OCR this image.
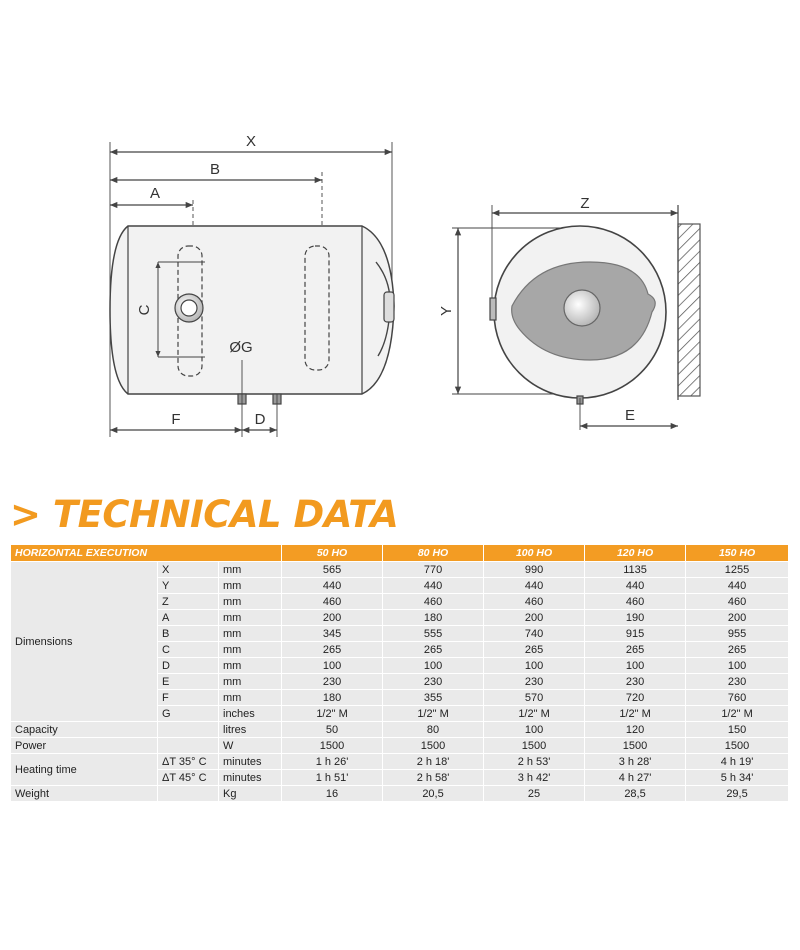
X
B
A
C
ØG
F	D
Z
Y
E
> TECHNICAL DATA
HORIZONTAL EXECUTION			50 HO	80 HO	100 HO	120 HO	150 HO
Dimensions	X	mm	565	770	990	1135	1255
	Y	mm	440	440	440	440	440
	Z	mm	460	460	460	460	460
	A	mm	200	180	200	190	200
	B	mm	345	555	740	915	955
	C	mm	265	265	265	265	265
	D	mm	100	100	100	100	100
	E	mm	230	230	230	230	230
	F	mm	180	355	570	720	760
	G	inches	1/2" M	1/2" M	1/2" M	1/2" M	1/2" M
Capacity		litres	50	80	100	120	150
Power		W	1500	1500	1500	1500	1500
Heating time	ΔT 35° C	minutes	1 h 26'	2 h 18'	2 h 53'	3 h 28'	4 h 19'
	ΔT 45° C	minutes	1 h 51'	2 h 58'	3 h 42'	4 h 27'	5 h 34'
Weight		Kg	16	20,5	25	28,5	29,5
